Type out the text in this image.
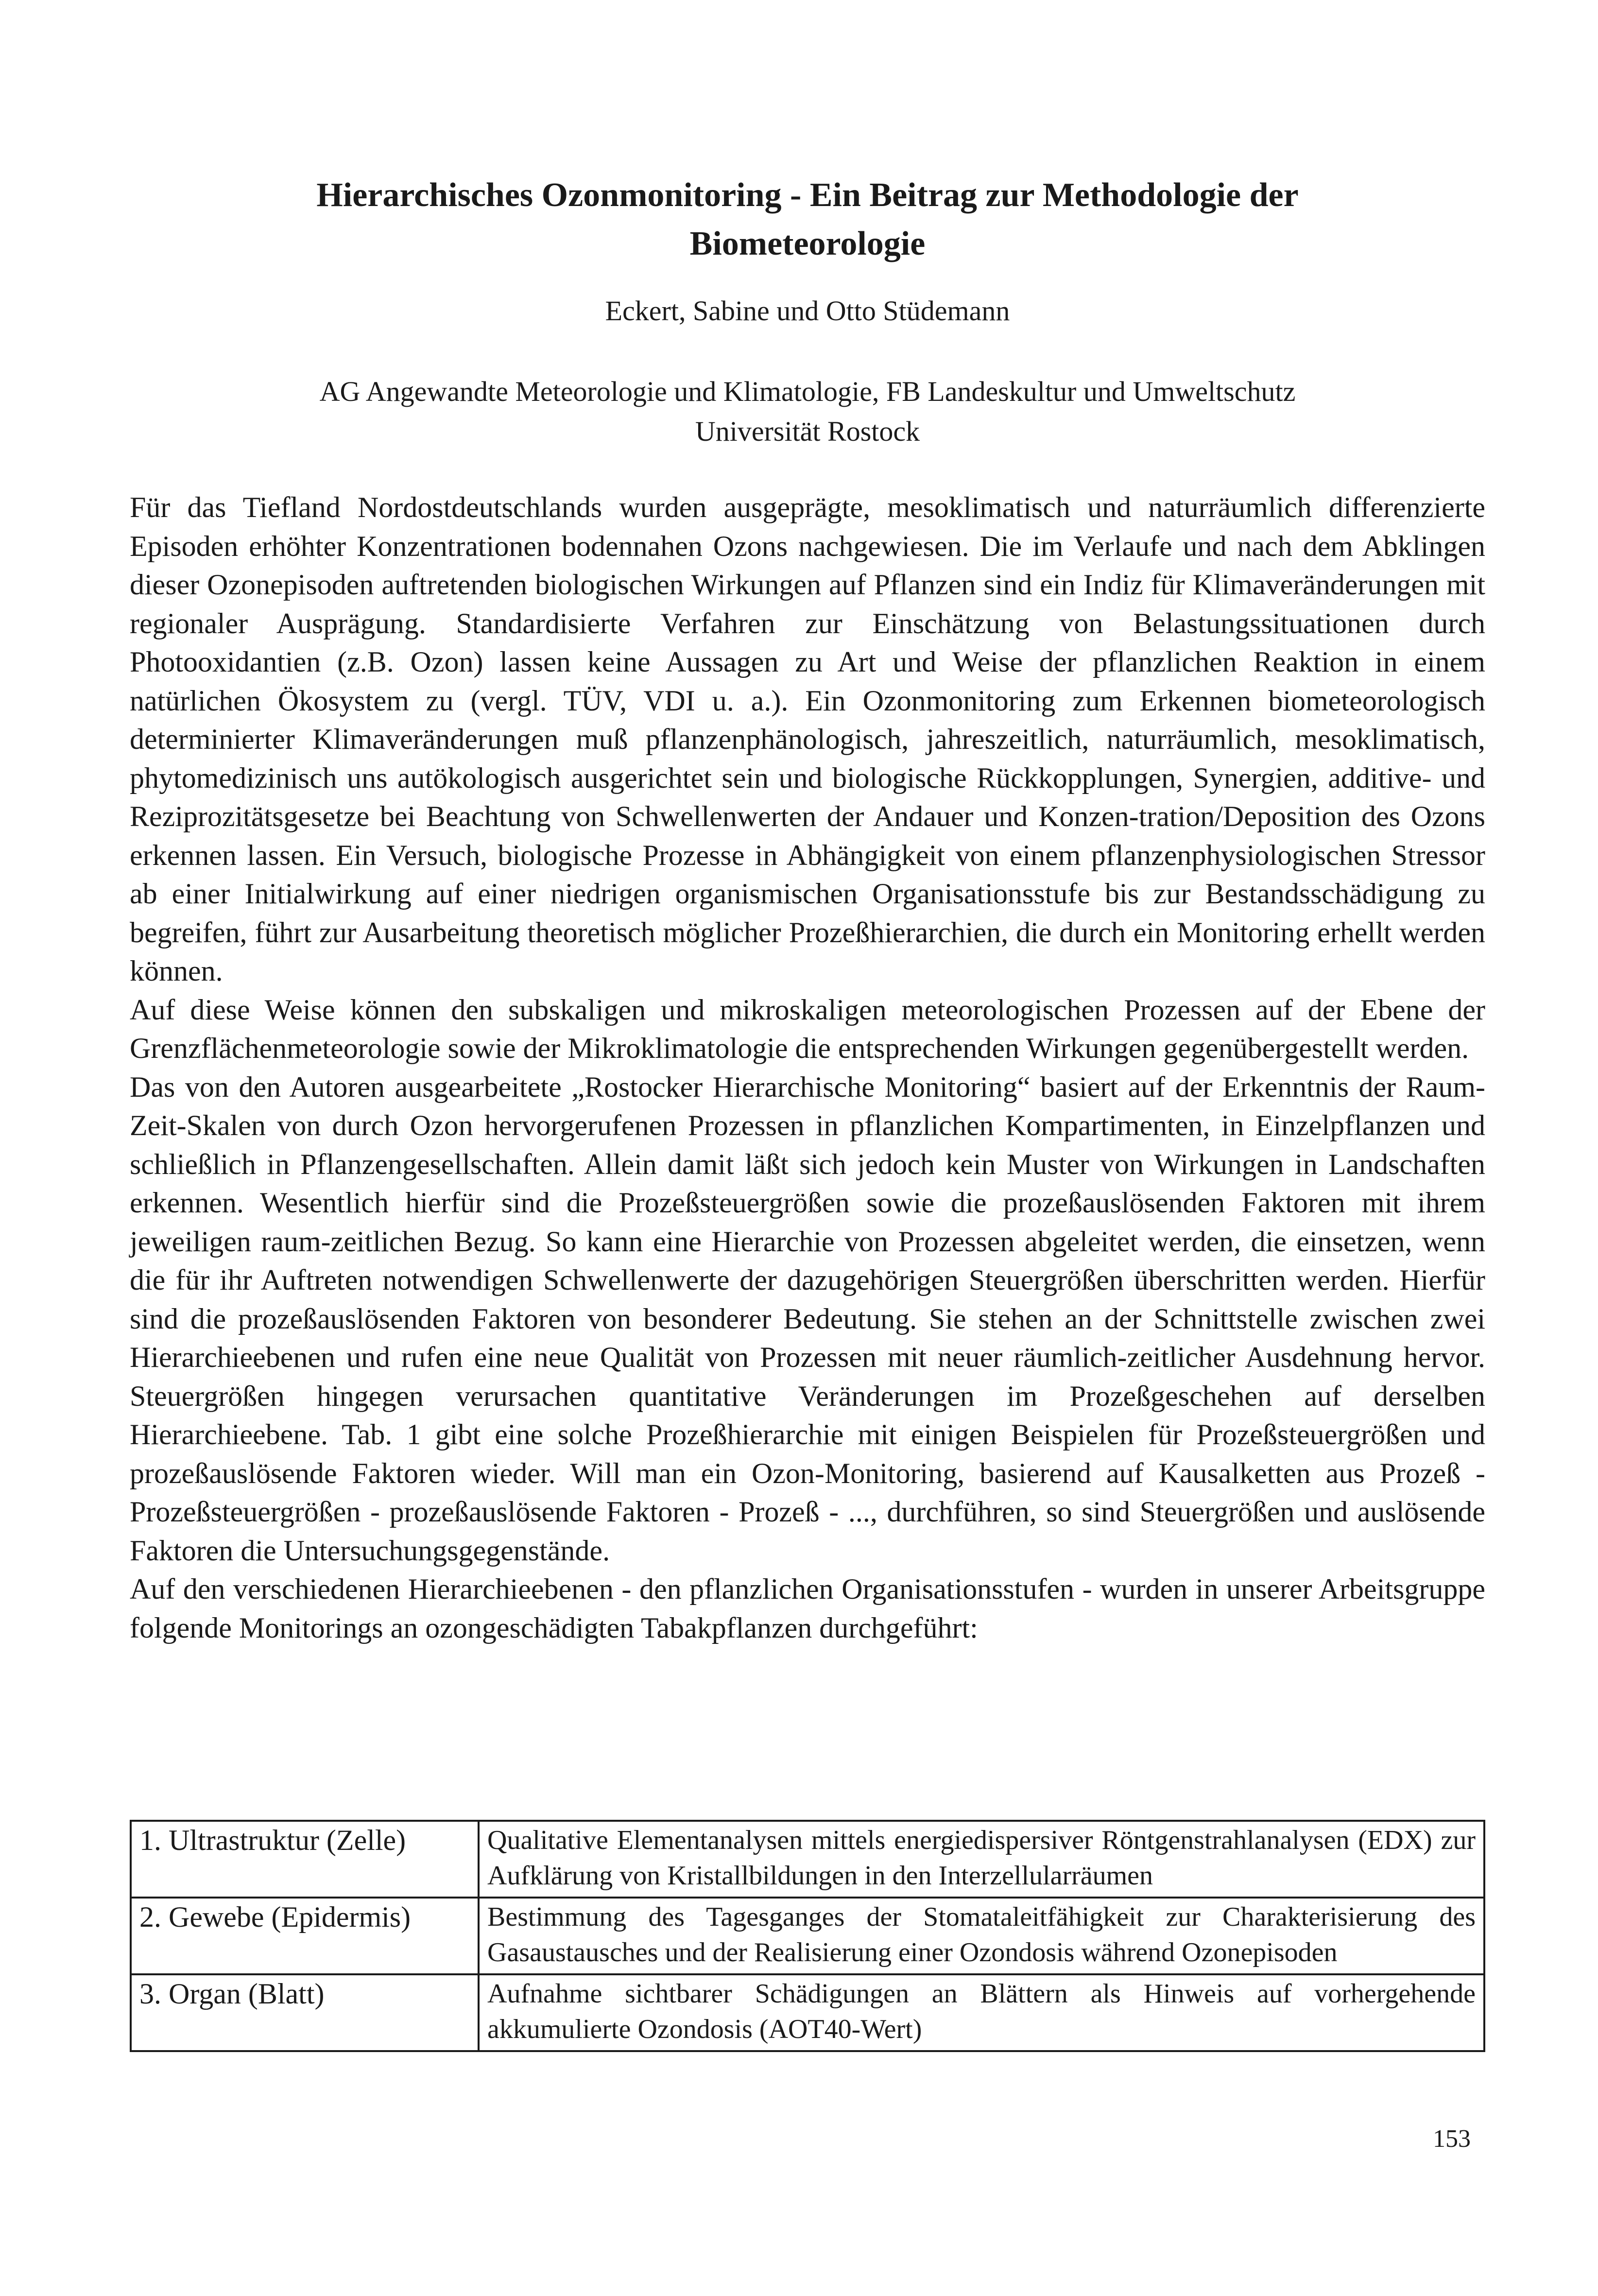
Hierarchisches Ozonmonitoring - Ein Beitrag zur Methodologie der
Biometeorologie

Eckert, Sabine und Otto Stüdemann

AG Angewandte Meteorologie und Klimatologie, FB Landeskultur und Umweltschutz
Universität Rostock

Für das Tiefland Nordostdeutschlands wurden ausgeprägte, mesoklimatisch und naturräumlich differenzierte Episoden erhöhter Konzentrationen bodennahen Ozons nachgewiesen. Die im Verlaufe und nach dem Abklingen dieser Ozonepisoden auftretenden biologischen Wirkungen auf Pflanzen sind ein Indiz für Klimaveränderungen mit regionaler Ausprägung. Standardisierte Verfahren zur Einschätzung von Belastungssituationen durch Photooxidantien (z.B. Ozon) lassen keine Aussagen zu Art und Weise der pflanzlichen Reaktion in einem natürlichen Ökosystem zu (vergl. TÜV, VDI u. a.). Ein Ozonmonitoring zum Erkennen biometeorologisch determinierter Klimaveränderungen muß pflanzenphänologisch, jahreszeitlich, naturräumlich, mesoklimatisch, phytomedizinisch uns autökologisch ausgerichtet sein und biologische Rückkopplungen, Synergien, additive- und Reziprozitätsgesetze bei Beachtung von Schwellenwerten der Andauer und Konzen-tration/Deposition des Ozons erkennen lassen. Ein Versuch, biologische Prozesse in Abhängigkeit von einem pflanzenphysiologischen Stressor ab einer Initialwirkung auf einer niedrigen organismischen Organisationsstufe bis zur Bestandsschädigung zu begreifen, führt zur Ausarbeitung theoretisch möglicher Prozeßhierarchien, die durch ein Monitoring erhellt werden können.

Auf diese Weise können den subskaligen und mikroskaligen meteorologischen Prozessen auf der Ebene der Grenzflächenmeteorologie sowie der Mikroklimatologie die entsprechenden Wirkungen gegenübergestellt werden.

Das von den Autoren ausgearbeitete „Rostocker Hierarchische Monitoring“ basiert auf der Erkenntnis der Raum-Zeit-Skalen von durch Ozon hervorgerufenen Prozessen in pflanzlichen Kompartimenten, in Einzelpflanzen und schließlich in Pflanzengesellschaften. Allein damit läßt sich jedoch kein Muster von Wirkungen in Landschaften erkennen. Wesentlich hierfür sind die Prozeßsteuergrößen sowie die prozeßauslösenden Faktoren mit ihrem jeweiligen raum-zeitlichen Bezug. So kann eine Hierarchie von Prozessen abgeleitet werden, die einsetzen, wenn die für ihr Auftreten notwendigen Schwellenwerte der dazugehörigen Steuergrößen überschritten werden. Hierfür sind die prozeßauslösenden Faktoren von besonderer Bedeutung. Sie stehen an der Schnittstelle zwischen zwei Hierarchieebenen und rufen eine neue Qualität von Prozessen mit neuer räumlich-zeitlicher Ausdehnung hervor. Steuergrößen hingegen verursachen quantitative Veränderungen im Prozeßgeschehen auf derselben Hierarchieebene. Tab. 1 gibt eine solche Prozeßhierarchie mit einigen Beispielen für Prozeßsteuergrößen und prozeßauslösende Faktoren wieder. Will man ein Ozon-Monitoring, basierend auf Kausalketten aus Prozeß - Prozeßsteuergrößen - prozeßauslösende Faktoren - Prozeß - ..., durchführen, so sind Steuergrößen und auslösende Faktoren die Untersuchungsgegenstände.

Auf den verschiedenen Hierarchieebenen - den pflanzlichen Organisationsstufen - wurden in unserer Arbeitsgruppe folgende Monitorings an ozongeschädigten Tabakpflanzen durchgeführt:

1. Ultrastruktur (Zelle)	Qualitative Elementanalysen mittels energiedispersiver Röntgenstrahlanalysen (EDX) zur Aufklärung von Kristallbildungen in den Interzellularräumen
2. Gewebe (Epidermis)	Bestimmung des Tagesganges der Stomataleitfähigkeit zur Charakterisierung des Gasaustausches und der Realisierung einer Ozondosis während Ozonepisoden
3. Organ (Blatt)	Aufnahme sichtbarer Schädigungen an Blättern als Hinweis auf vorhergehende akkumulierte Ozondosis (AOT40-Wert)
153
